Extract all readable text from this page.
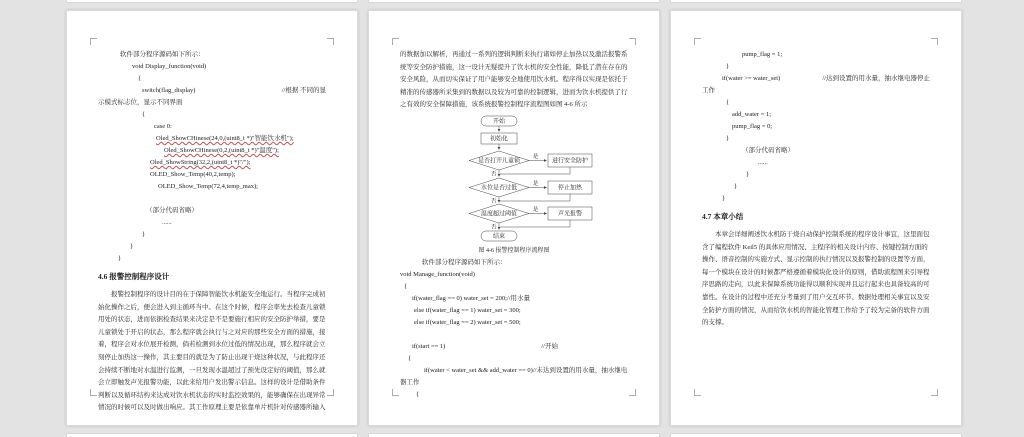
软件部分程序源码如下所示：
void Display_function(void)
{
switch(flag_display)	//根据 不同的显
示模式标志位，显示不同界面
{
case 0:
Oled_ShowCHinese(24,0,(uint8_t *)"智能饮水机");
Oled_ShowCHinese(0,2,(uint8_t *)"温度");
Oled_ShowString(32,2,(uint8_t *)"/");
OLED_Show_Temp(40,2,temp);
OLED_Show_Temp(72,4,temp_max);

（部分代码省略）
......
}
}
}
4.6 报警控制程序设计
　　报警控制程序的设计目的在于保障智能饮水机能安全地运行。当程序完成初
始化操作之后，便会进入到主循环当中。在这个时候，程序会率先去检查儿童锁
用处的状态，进而依据检查结果来决定是不是要施行相应的安全防护举措，要是
儿童锁处于开启的状态，那么程序就会执行与之对应的那些安全方面的措施，接
着，程序会对水位展开检测，倘若检测到水位过低的情况出现，那么程序就会立
刻停止加热这一操作，其主要目的就是为了防止出现干烧这种状况，与此程序还
会持续不断地对水温进行监测，一旦发现水温超过了预先设定好的阈值，那么就
会立即触发声光报警功能，以此来给用户发出警示信息。这样的设计是借助条件
判断以及循环结构来达成对饮水机状态的实时监控效果的，能够确保在出现异常
情况的时候可以及时做出响应。其工作原理主要是依靠单片机针对传感器所输入
的数据加以解析，再通过一系列的逻辑判断来执行诸如停止加热以及激活报警系
统等安全防护措施，这一设计无疑提升了饮水机的安全性能，降低了潜在存在的
安全风险，从而切实保证了用户能够安全地使用饮水机。程序得以实现是依托于
精准的传感器所采集到的数据以及较为可靠的控制逻辑，进而为饮水机提供了行
之有效的安全保障措施，该系统报警控制程序流程图如图 4-6 所示
开始
初始化
是否打开儿童锁
是
进行安全防护
否
水位是否过低
是
停止加热
否
温度超过阈值
是
声光报警
否
结束
图 4-6 报警控制程序流程图
软件部分程序源码如下所示：
void Manage_function(void)
{
if(water_flag == 0) water_set = 200;//用水量
else if(water_flag == 1) water_set = 300;
else if(water_flag == 2) water_set = 500;

if(start == 1)	//开始
{
if(water < water_set && add_water == 0)//未达到设置的用水量，抽水继电
器工作
{
pump_flag = 1;
}
if(water >= water_set)	//达到设置的用水量，抽水继电器停止
工作
{
add_water = 1;
pump_flag = 0;
}
（部分代码省略）
......
}
}
}
4.7 本章小结
　　本章会详细阐述饮水机防干烧自动保护控制系统的程序设计事宜，这里面包
含了编程软件 Keil5 的具体应用情况、主程序的相关设计内容、按键控制方面的
操作、语音控制的实施方式、显示控制的执行情况以及报警控制的设置等方面，
每一个模块在设计的时候都严格遵循着模块化设计的原则，借助流程图来引导程
序思路的走向，以此来保障系统功能得以顺利实现并且运行起来也具备较高的可
靠性。在设计的过程中还充分考量到了用户交互环节、数据处理相关事宜以及安
全防护方面的情况，从而给饮水机的智能化管理工作给予了较为完备的软件方面
的支撑。
